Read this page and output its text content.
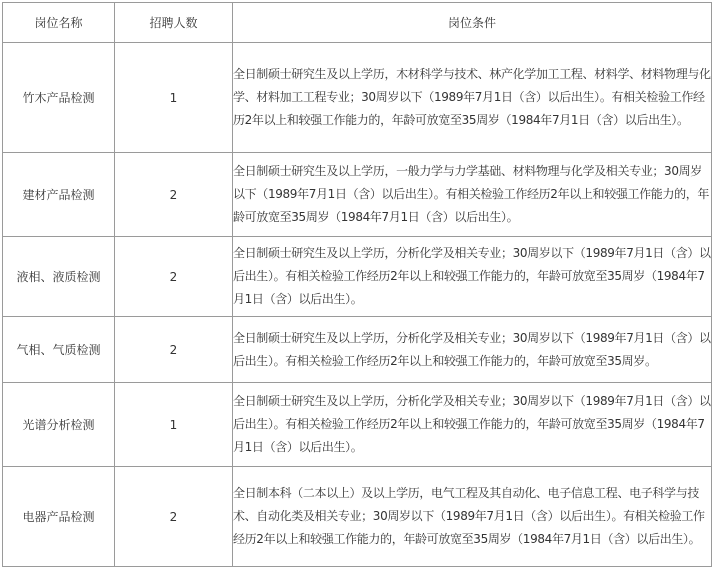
岗位名称	招聘人数	岗位条件
竹木产品检测	1	全日制硕士研究生及以上学历，木材科学与技术、林产化学加工工程、材料学、材料物理与化学、材料加工工程专业；30周岁以下（1989年7月1日（含）以后出生）。有相关检验工作经历2年以上和较强工作能力的，年龄可放宽至35周岁（1984年7月1日（含）以后出生）。
建材产品检测	2	全日制硕士研究生及以上学历，一般力学与力学基础、材料物理与化学及相关专业；30周岁以下（1989年7月1日（含）以后出生）。有相关检验工作经历2年以上和较强工作能力的，年龄可放宽至35周岁（1984年7月1日（含）以后出生）。
液相、液质检测	2	全日制硕士研究生及以上学历，分析化学及相关专业；30周岁以下（1989年7月1日（含）以后出生）。有相关检验工作经历2年以上和较强工作能力的，年龄可放宽至35周岁（1984年7月1日（含）以后出生）。
气相、气质检测	2	全日制硕士研究生及以上学历，分析化学及相关专业；30周岁以下（1989年7月1日（含）以后出生）。有相关检验工作经历2年以上和较强工作能力的，年龄可放宽至35周岁。
光谱分析检测	1	全日制硕士研究生及以上学历，分析化学及相关专业；30周岁以下（1989年7月1日（含）以后出生）。有相关检验工作经历2年以上和较强工作能力的，年龄可放宽至35周岁（1984年7月1日（含）以后出生）。
电器产品检测	2	全日制本科（二本以上）及以上学历，电气工程及其自动化、电子信息工程、电子科学与技术、自动化类及相关专业；30周岁以下（1989年7月1日（含）以后出生）。有相关检验工作经历2年以上和较强工作能力的，年龄可放宽至35周岁（1984年7月1日（含）以后出生）。
